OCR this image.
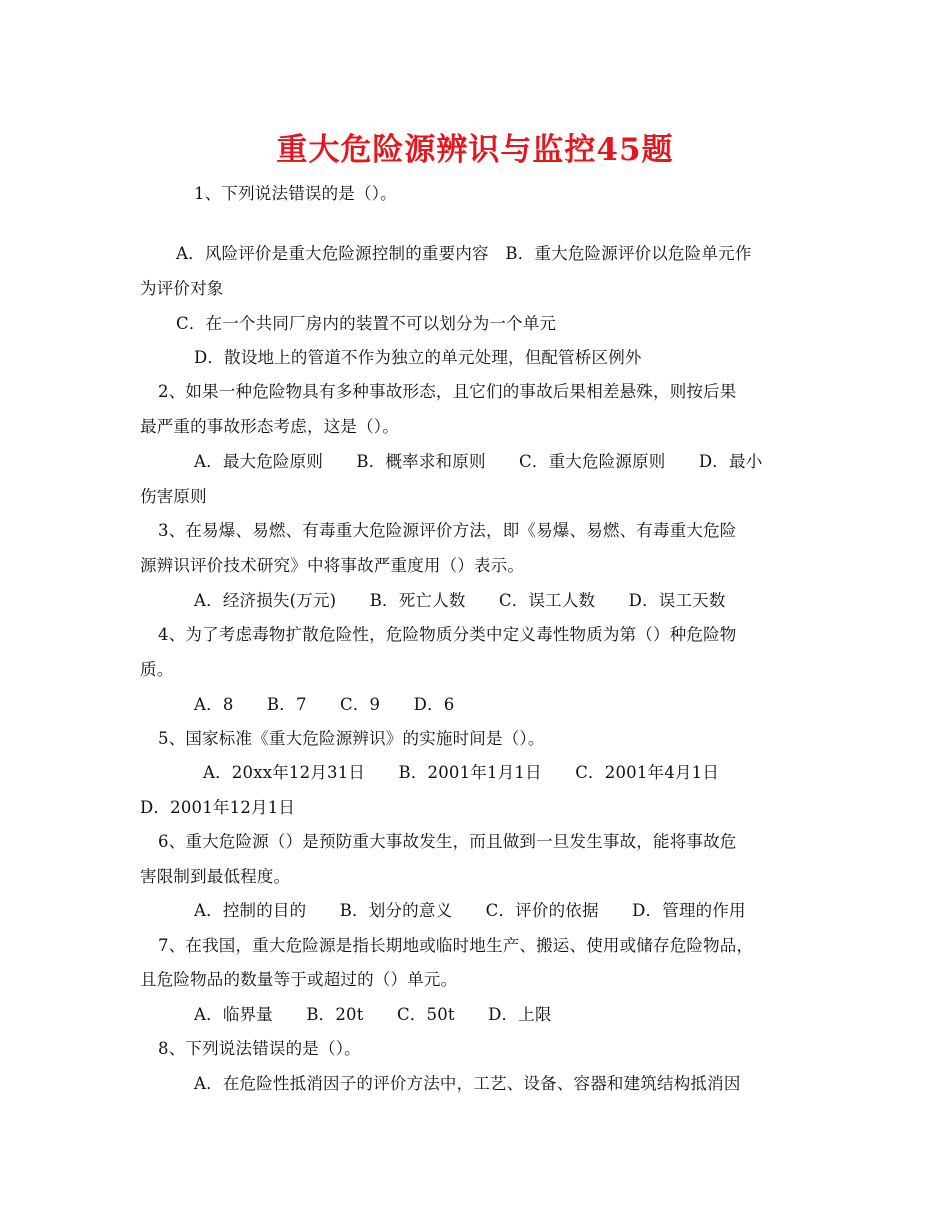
重大危险源辨识与监控45题
1、下列说法错误的是（）。
A．风险评价是重大危险源控制的重要内容　B．重大危险源评价以危险单元作
为评价对象
C．在一个共同厂房内的装置不可以划分为一个单元
D．散设地上的管道不作为独立的单元处理，但配管桥区例外
2、如果一种危险物具有多种事故形态，且它们的事故后果相差悬殊，则按后果
最严重的事故形态考虑，这是（）。
A．最大危险原则　　B．概率求和原则　　C．重大危险源原则　　D．最小
伤害原则
3、在易爆、易燃、有毒重大危险源评价方法，即《易爆、易燃、有毒重大危险
源辨识评价技术研究》中将事故严重度用（）表示。
A．经济损失(万元)　　B．死亡人数　　C．误工人数　　D．误工天数
4、为了考虑毒物扩散危险性，危险物质分类中定义毒性物质为第（）种危险物
质。
A．8　　B．7　　C．9　　D．6
5、国家标准《重大危险源辨识》的实施时间是（）。
A．20xx年12月31日　　B．2001年1月1日　　C．2001年4月1日
D．2001年12月1日
6、重大危险源（）是预防重大事故发生，而且做到一旦发生事故，能将事故危
害限制到最低程度。
A．控制的目的　　B．划分的意义　　C．评价的依据　　D．管理的作用
7、在我国，重大危险源是指长期地或临时地生产、搬运、使用或储存危险物品，
且危险物品的数量等于或超过的（）单元。
A．临界量　　B．20t　　C．50t　　D．上限
8、下列说法错误的是（）。
A．在危险性抵消因子的评价方法中，工艺、设备、容器和建筑结构抵消因
